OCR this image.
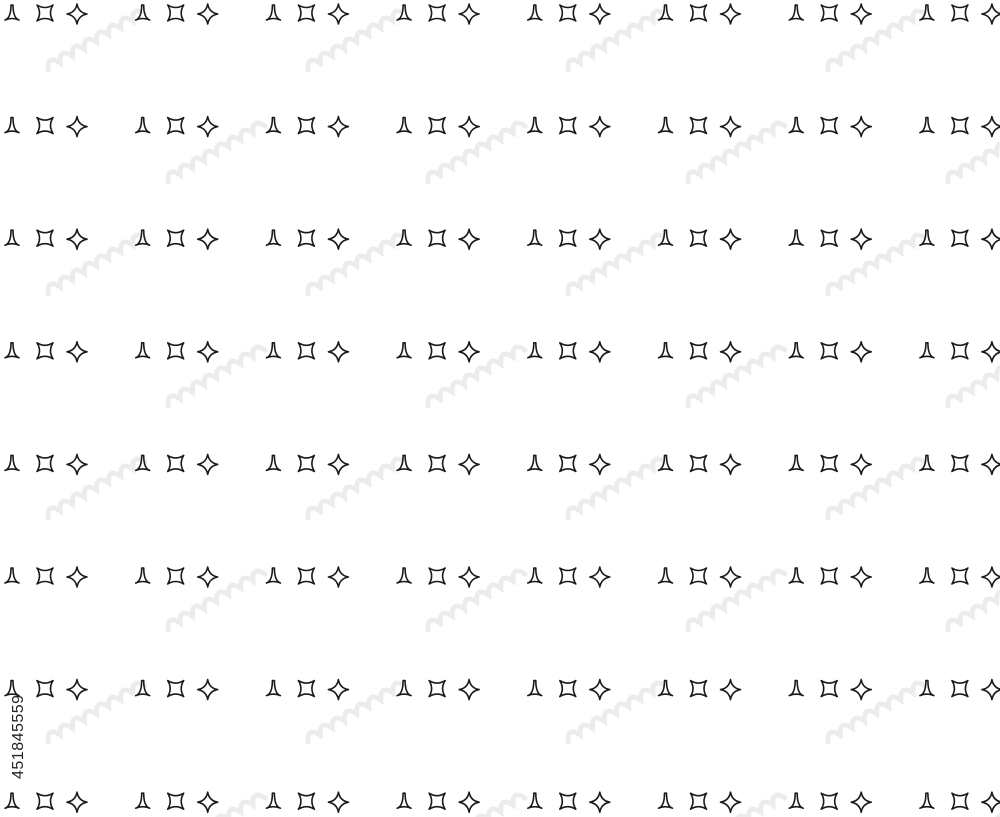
451845559
